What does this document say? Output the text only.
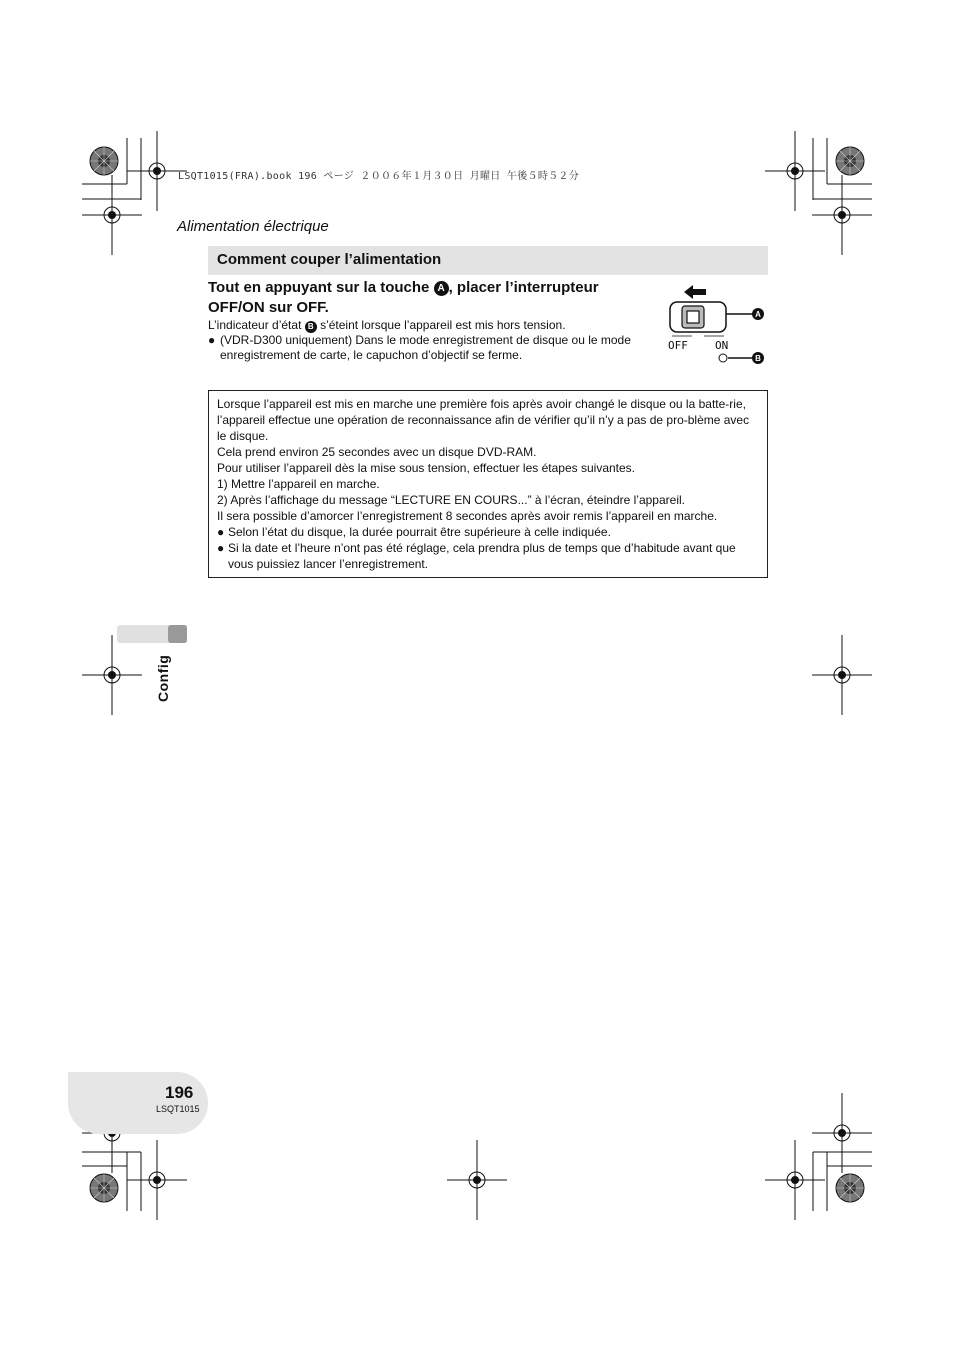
LSQT1015(FRA).book 196 ページ ２００６年１月３０日 月曜日 午後５時５２分
Alimentation électrique
Comment couper l’alimentation
Tout en appuyant sur la touche A , placer l’interrupteur OFF/ON sur OFF.
L’indicateur d’état B s’éteint lorsque l’appareil est mis hors tension.
● (VDR-D300 uniquement) Dans le mode enregistrement de disque ou le mode enregistrement de carte, le capuchon d’objectif se ferme.
A
OFF ON
B
Lorsque l’appareil est mis en marche une première fois après avoir changé le disque ou la batte-rie, l’appareil effectue une opération de reconnaissance afin de vérifier qu’il n’y a pas de pro-blème avec le disque.
Cela prend environ 25 secondes avec un disque DVD-RAM.
Pour utiliser l’appareil dès la mise sous tension, effectuer les étapes suivantes.
1) Mettre l’appareil en marche.
2) Après l’affichage du message “LECTURE EN COURS...” à l’écran, éteindre l’appareil.
Il sera possible d’amorcer l’enregistrement 8 secondes après avoir remis l’appareil en marche.
● Selon l’état du disque, la durée pourrait être supérieure à celle indiquée.
● Si la date et l’heure n’ont pas été réglage, cela prendra plus de temps que d’habitude avant que vous puissiez lancer l’enregistrement.
Config
196
LSQT1015
